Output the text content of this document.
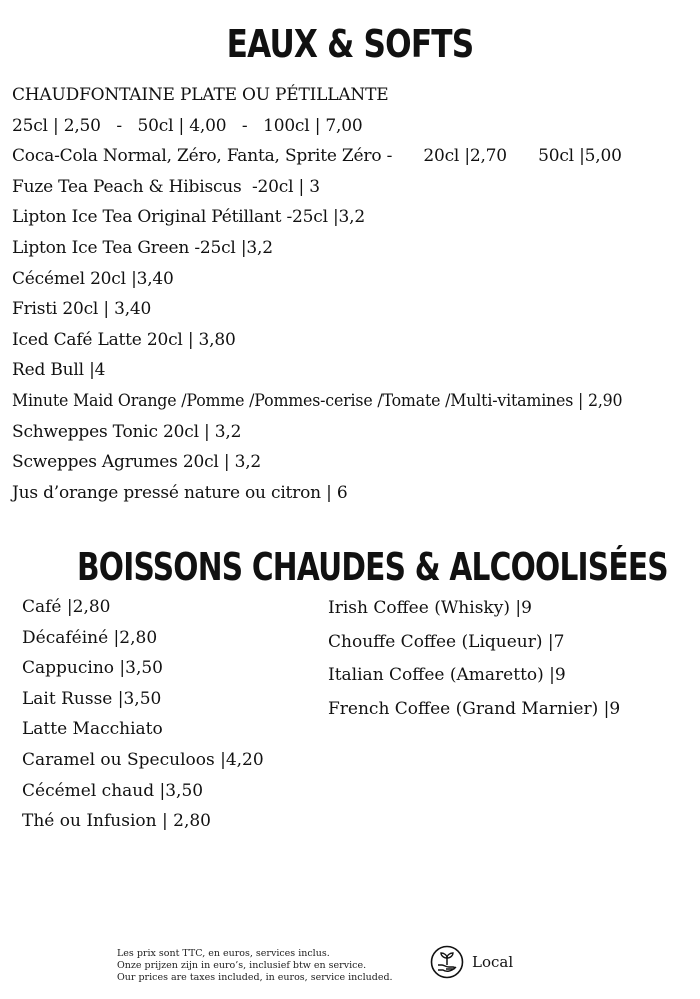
EAUX & SOFTS
CHAUDFONTAINE PLATE OU PÉTILLANTE
25cl | 2,50   -   50cl | 4,00   -   100cl | 7,00
Coca-Cola Normal, Zéro, Fanta, Sprite Zéro -      20cl |2,70      50cl |5,00
Fuze Tea Peach & Hibiscus  -20cl | 3
Lipton Ice Tea Original Pétillant -25cl |3,2
Lipton Ice Tea Green -25cl |3,2
Cécémel 20cl |3,40
Fristi 20cl | 3,40
Iced Café Latte 20cl | 3,80
Red Bull |4
Minute Maid Orange /Pomme /Pommes-cerise /Tomate /Multi-vitamines | 2,90
Schweppes Tonic 20cl | 3,2
Scweppes Agrumes 20cl | 3,2
Jus d’orange pressé nature ou citron | 6
BOISSONS CHAUDES & ALCOOLISÉES
Café |2,80
Décaféiné |2,80
Cappucino |3,50
Lait Russe |3,50
Latte Macchiato
Caramel ou Speculoos |4,20
Cécémel chaud |3,50
Thé ou Infusion | 2,80
Irish Coffee (Whisky) |9
Chouffe Coffee (Liqueur) |7
Italian Coffee (Amaretto) |9
French Coffee (Grand Marnier) |9
Les prix sont TTC, en euros, services inclus.
Onze prijzen zijn in euro’s, inclusief btw en service.
Our prices are taxes included, in euros, service included.
Local
